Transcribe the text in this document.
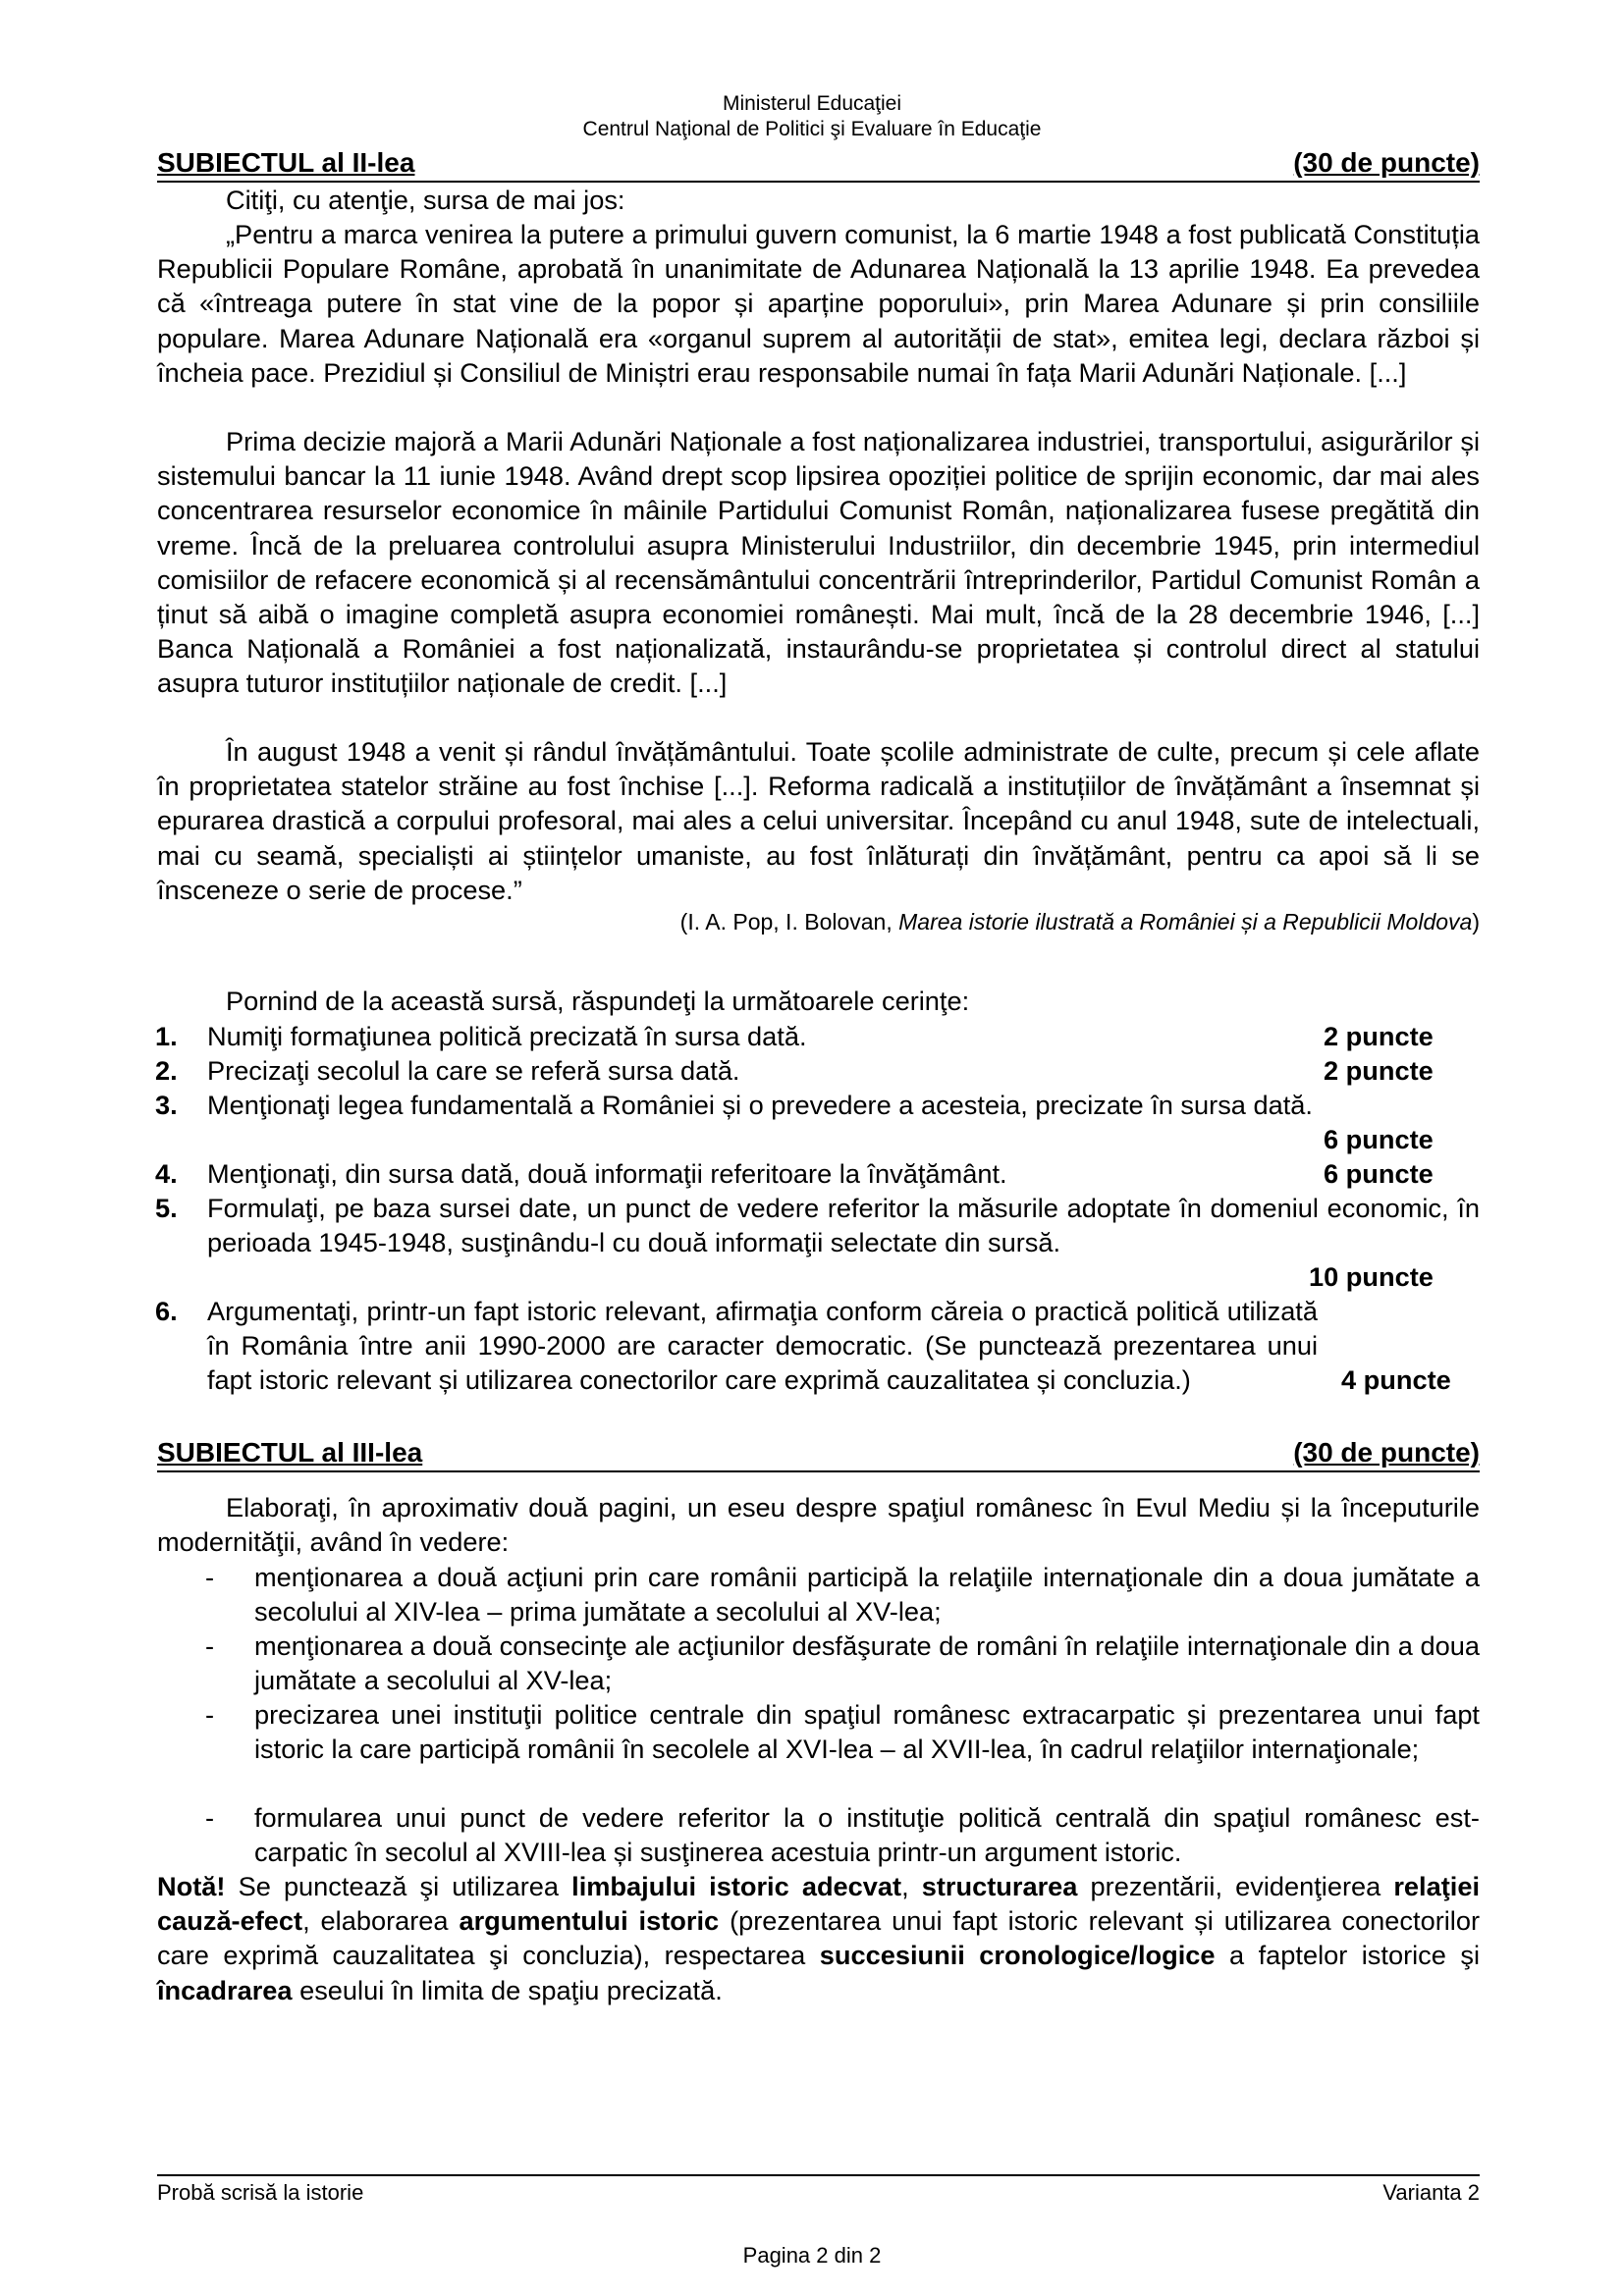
Ministerul Educaţiei
Centrul Naţional de Politici şi Evaluare în Educaţie
SUBIECTUL al II-lea	(30 de puncte)

Citiţi, cu atenţie, sursa de mai jos:

„Pentru a marca venirea la putere a primului guvern comunist, la 6 martie 1948 a fost publicată Constituția Republicii Populare Române, aprobată în unanimitate de Adunarea Națională la 13 aprilie 1948. Ea prevedea că «întreaga putere în stat vine de la popor și aparține poporului», prin Marea Adunare și prin consiliile populare. Marea Adunare Națională era «organul suprem al autorității de stat», emitea legi, declara război și încheia pace. Prezidiul și Consiliul de Miniștri erau responsabile numai în fața Marii Adunări Naționale. [...]

Prima decizie majoră a Marii Adunări Naționale a fost naționalizarea industriei, transportului, asigurărilor și sistemului bancar la 11 iunie 1948. Având drept scop lipsirea opoziției politice de sprijin economic, dar mai ales concentrarea resurselor economice în mâinile Partidului Comunist Român, naționalizarea fusese pregătită din vreme. Încă de la preluarea controlului asupra Ministerului Industriilor, din decembrie 1945, prin intermediul comisiilor de refacere economică și al recensământului concentrării întreprinderilor, Partidul Comunist Român a ținut să aibă o imagine completă asupra economiei românești. Mai mult, încă de la 28 decembrie 1946, [...] Banca Națională a României a fost naționalizată, instaurându-se proprietatea și controlul direct al statului asupra tuturor instituțiilor naționale de credit. [...]

În august 1948 a venit și rândul învățământului. Toate școlile administrate de culte, precum și cele aflate în proprietatea statelor străine au fost închise [...]. Reforma radicală a instituțiilor de învățământ a însemnat și epurarea drastică a corpului profesoral, mai ales a celui universitar. Începând cu anul 1948, sute de intelectuali, mai cu seamă, specialiști ai științelor umaniste, au fost înlăturați din învățământ, pentru ca apoi să li se însceneze o serie de procese.”

(I. A. Pop, I. Bolovan, Marea istorie ilustrată a României și a Republicii Moldova)

Pornind de la această sursă, răspundeţi la următoarele cerinţe:

1. Numiţi formaţiunea politică precizată în sursa dată.	2 puncte
2. Precizaţi secolul la care se referă sursa dată.	2 puncte
3. Menţionaţi legea fundamentală a României și o prevedere a acesteia, precizate în sursa dată.
6 puncte
4. Menţionaţi, din sursa dată, două informaţii referitoare la învăţământ.	6 puncte
5. Formulaţi, pe baza sursei date, un punct de vedere referitor la măsurile adoptate în domeniul economic, în perioada 1945-1948, susţinându-l cu două informaţii selectate din sursă.
10 puncte
6. Argumentaţi, printr-un fapt istoric relevant, afirmaţia conform căreia o practică politică utilizată în România între anii 1990-2000 are caracter democratic. (Se punctează prezentarea unui fapt istoric relevant și utilizarea conectorilor care exprimă cauzalitatea și concluzia.)	4 puncte
SUBIECTUL al III-lea	(30 de puncte)

Elaboraţi, în aproximativ două pagini, un eseu despre spaţiul românesc în Evul Mediu și la începuturile modernităţii, având în vedere:

- menţionarea a două acţiuni prin care românii participă la relaţiile internaţionale din a doua jumătate a secolului al XIV-lea – prima jumătate a secolului al XV-lea;
- menţionarea a două consecinţe ale acţiunilor desfăşurate de români în relaţiile internaţionale din a doua jumătate a secolului al XV-lea;
- precizarea unei instituţii politice centrale din spaţiul românesc extracarpatic și prezentarea unui fapt istoric la care participă românii în secolele al XVI-lea – al XVII-lea, în cadrul relaţiilor internaţionale;
- formularea unui punct de vedere referitor la o instituţie politică centrală din spaţiul românesc est-carpatic în secolul al XVIII-lea și susţinerea acestuia printr-un argument istoric.

Notă! Se punctează şi utilizarea limbajului istoric adecvat, structurarea prezentării, evidenţierea relaţiei cauză-efect, elaborarea argumentului istoric (prezentarea unui fapt istoric relevant și utilizarea conectorilor care exprimă cauzalitatea şi concluzia), respectarea succesiunii cronologice/logice a faptelor istorice şi încadrarea eseului în limita de spaţiu precizată.

Probă scrisă la istorie	Varianta 2
Pagina 2 din 2
